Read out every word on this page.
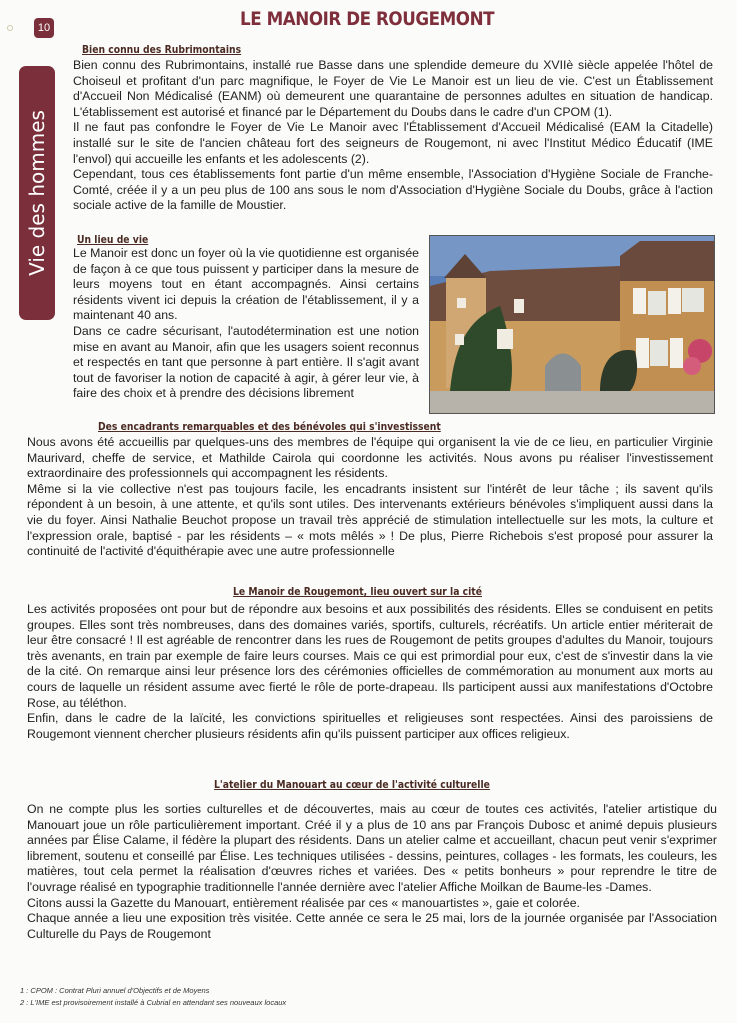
10	LE MANOIR DE ROUGEMONT
Vie des hommes
Bien connu des Rubrimontains

Bien connu des Rubrimontains, installé rue Basse dans une splendide demeure du XVIIè siècle appelée l'hôtel de Choiseul et profitant d'un parc magnifique, le Foyer de Vie Le Manoir est un lieu de vie. C'est un Établissement d'Accueil Non Médicalisé (EANM) où demeurent une quarantaine de personnes adultes en situation de handicap. L'établissement est autorisé et financé par le Département du Doubs dans le cadre d'un CPOM (1).

Il ne faut pas confondre le Foyer de Vie Le Manoir avec l'Établissement d'Accueil Médicalisé (EAM la Citadelle) installé sur le site de l'ancien château fort des seigneurs de Rougemont, ni avec l'Institut Médico Éducatif (IME l'envol) qui accueille les enfants et les adolescents (2).

Cependant, tous ces établissements font partie d'un même ensemble, l'Association d'Hygiène Sociale de Franche-Comté, créée il y a un peu plus de 100 ans sous le nom d'Association d'Hygiène Sociale du Doubs, grâce à l'action sociale active de la famille de Moustier.

Un lieu de vie

Le Manoir est donc un foyer où la vie quotidienne est organisée de façon à ce que tous puissent y participer dans la mesure de leurs moyens tout en étant accompagnés. Ainsi certains résidents vivent ici depuis la création de l'établissement, il y a maintenant 40 ans.

Dans ce cadre sécurisant, l'autodétermination est une notion mise en avant au Manoir, afin que les usagers soient reconnus et respectés en tant que personne à part entière. Il s'agit avant tout de favoriser la notion de capacité à agir, à gérer leur vie, à faire des choix et à prendre des décisions librement

Des encadrants remarquables et des bénévoles qui s'investissent

Nous avons été accueillis par quelques-uns des membres de l'équipe qui organisent la vie de ce lieu, en particulier Virginie Maurivard, cheffe de service, et Mathilde Cairola qui coordonne les activités. Nous avons pu réaliser l'investissement extraordinaire des professionnels qui accompagnent les résidents.

Même si la vie collective n'est pas toujours facile, les encadrants insistent sur l'intérêt de leur tâche ; ils savent qu'ils répondent à un besoin, à une attente, et qu'ils sont utiles. Des intervenants extérieurs bénévoles s'impliquent aussi dans la vie du foyer. Ainsi Nathalie Beuchot propose un travail très apprécié de stimulation intellectuelle sur les mots, la culture et l'expression orale, baptisé - par les résidents – « mots mêlés » ! De plus, Pierre Richebois s'est proposé pour assurer la continuité de l'activité d'équithérapie avec une autre professionnelle

Le Manoir de Rougemont, lieu ouvert sur la cité

Les activités proposées ont pour but de répondre aux besoins et aux possibilités des résidents. Elles se conduisent en petits groupes. Elles sont très nombreuses, dans des domaines variés, sportifs, culturels, récréatifs. Un article entier mériterait de leur être consacré ! Il est agréable de rencontrer dans les rues de Rougemont de petits groupes d'adultes du Manoir, toujours très avenants, en train par exemple de faire leurs courses. Mais ce qui est primordial pour eux, c'est de s'investir dans la vie de la cité. On remarque ainsi leur présence lors des cérémonies officielles de commémoration au monument aux morts au cours de laquelle un résident assume avec fierté le rôle de porte-drapeau. Ils participent aussi aux manifestations d'Octobre Rose, au téléthon.

Enfin, dans le cadre de la laïcité, les convictions spirituelles et religieuses sont respectées. Ainsi des paroissiens de Rougemont viennent chercher plusieurs résidents afin qu'ils puissent participer aux offices religieux.

L'atelier du Manouart au cœur de l'activité culturelle

On ne compte plus les sorties culturelles et de découvertes, mais au cœur de toutes ces activités, l'atelier artistique du Manouart joue un rôle particulièrement important. Créé il y a plus de 10 ans par François Dubosc et animé depuis plusieurs années par Élise Calame, il fédère la plupart des résidents. Dans un atelier calme et accueillant, chacun peut venir s'exprimer librement, soutenu et conseillé par Élise. Les techniques utilisées - dessins, peintures, collages - les formats, les couleurs, les matières, tout cela permet la réalisation d'œuvres riches et variées. Des « petits bonheurs » pour reprendre le titre de l'ouvrage réalisé en typographie traditionnelle l'année dernière avec l'atelier Affiche Moilkan de Baume-les -Dames.

Citons aussi la Gazette du Manouart, entièrement réalisée par ces « manouartistes », gaie et colorée.

Chaque année a lieu une exposition très visitée. Cette année ce sera le 25 mai, lors de la journée organisée par l'Association Culturelle du Pays de Rougemont

1 : CPOM : Contrat Pluri annuel d'Objectifs et de Moyens
2 : L'IME est provisoirement installé à Cubrial en attendant ses nouveaux locaux
